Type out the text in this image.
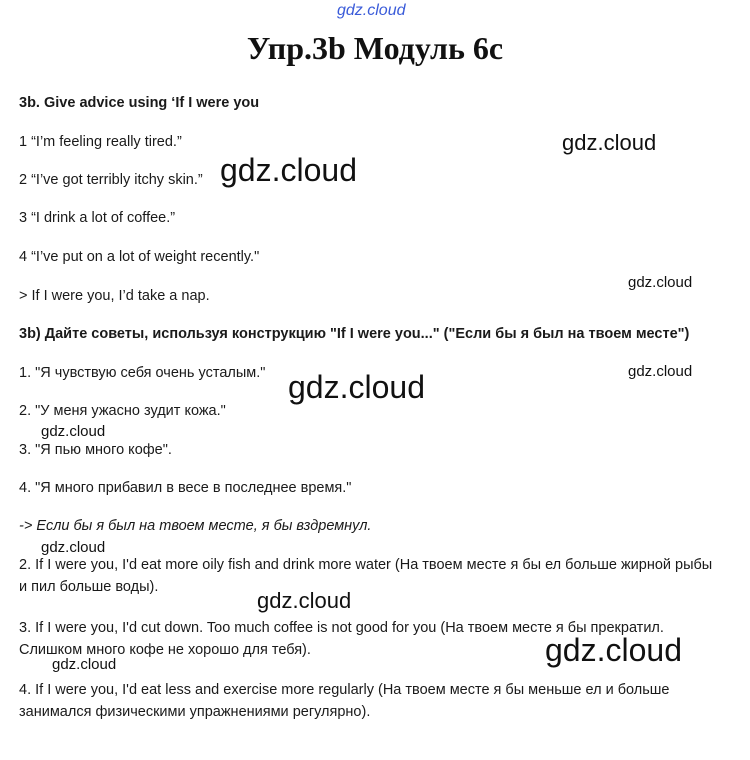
gdz.cloud
Упр.3b Модуль 6с
3b. Give advice using ‘If I were you
1 “I’m feeling really tired.”
2 “I’ve got terribly itchy skin.”
3 “I drink a lot of coffee.”
4 “I’ve put on a lot of weight recently."
> If I were you, I’d take a nap.
3b) Дайте советы, используя конструкцию "If I were you..." ("Если бы я был на твоем месте")
1. "Я чувствую себя очень усталым."
2. "У меня ужасно зудит кожа."
3. "Я пью много кофе".
4. "Я много прибавил в весе в последнее время."
-> Если бы я был на твоем месте, я бы вздремнул.
2. If I were you, I'd eat more oily fish and drink more water (На твоем месте я бы ел больше жирной рыбы и пил больше воды).
3. If I were you, I'd cut down. Too much coffee is not good for you (На твоем месте я бы прекратил. Слишком много кофе не хорошо для тебя).
4. If I were you, I'd eat less and exercise more regularly (На твоем месте я бы меньше ел и больше занимался физическими упражнениями регулярно).
gdz.cloud
gdz.cloud
gdz.cloud
gdz.cloud
gdz.cloud
gdz.cloud
gdz.cloud
gdz.cloud
gdz.cloud
gdz.cloud
